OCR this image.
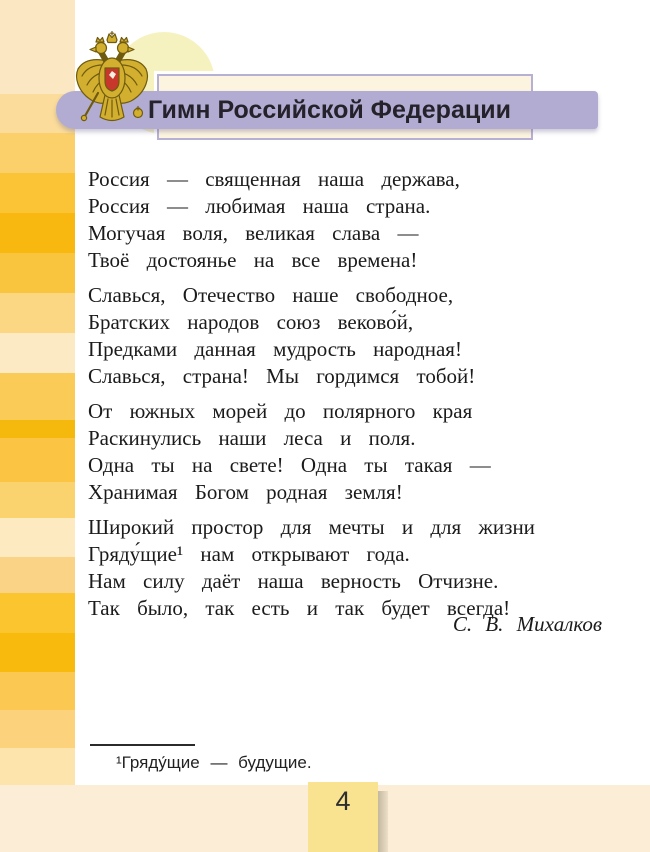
Гимн Российской Федерации

Россия — священная наша держава,

Россия — любимая наша страна.

Могучая воля, великая слава —

Твоё достоянье на все времена!

Славься, Отечество наше свободное,

Братских народов союз веково́й,

Предками данная мудрость народная!

Славься, страна! Мы гордимся тобой!

От южных морей до полярного края

Раскинулись наши леса и поля.

Одна ты на свете! Одна ты такая —

Хранимая Богом родная земля!

Широкий простор для мечты и для жизни

Гряду́щие¹ нам открывают года.

Нам силу даёт наша верность Отчизне.

Так было, так есть и так будет всегда!

С. В. Михалков

¹Гряду́щие — будущие.

4
